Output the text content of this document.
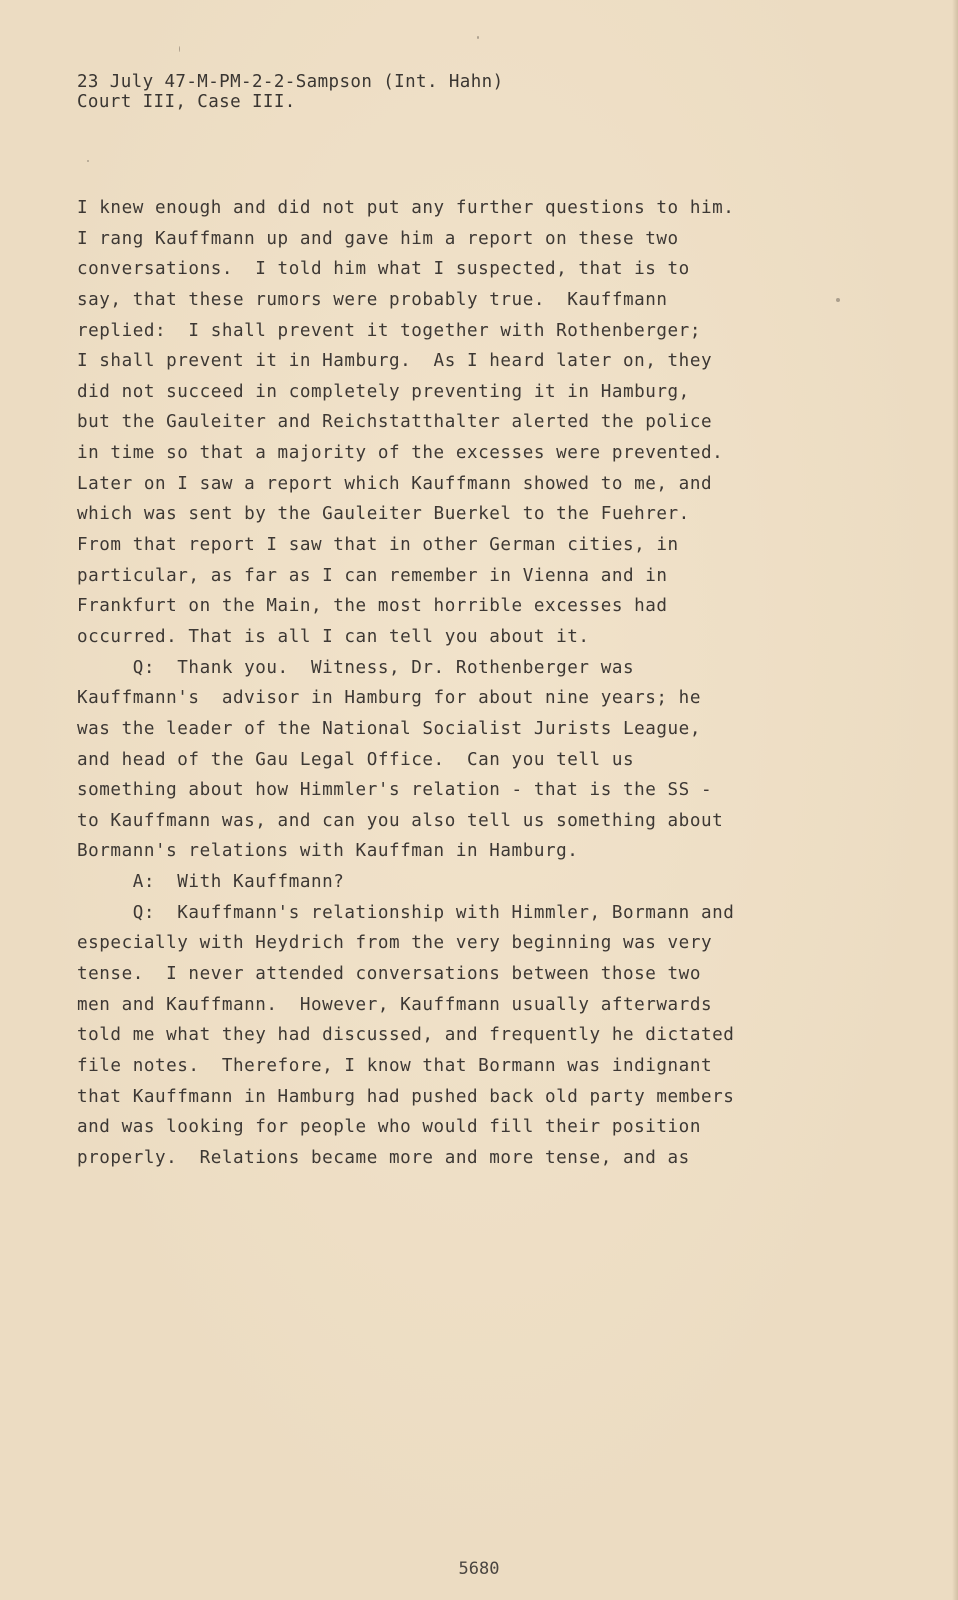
23 July 47-M-PM-2-2-Sampson (Int. Hahn)
Court III, Case III.
I knew enough and did not put any further questions to him.
I rang Kauffmann up and gave him a report on these two
conversations.  I told him what I suspected, that is to
say, that these rumors were probably true.  Kauffmann
replied:  I shall prevent it together with Rothenberger;
I shall prevent it in Hamburg.  As I heard later on, they
did not succeed in completely preventing it in Hamburg,
but the Gauleiter and Reichstatthalter alerted the police
in time so that a majority of the excesses were prevented.
Later on I saw a report which Kauffmann showed to me, and
which was sent by the Gauleiter Buerkel to the Fuehrer.
From that report I saw that in other German cities, in
particular, as far as I can remember in Vienna and in
Frankfurt on the Main, the most horrible excesses had
occurred. That is all I can tell you about it.
Q:  Thank you.  Witness, Dr. Rothenberger was
Kauffmann's  advisor in Hamburg for about nine years; he
was the leader of the National Socialist Jurists League,
and head of the Gau Legal Office.  Can you tell us
something about how Himmler's relation - that is the SS -
to Kauffmann was, and can you also tell us something about
Bormann's relations with Kauffman in Hamburg.
A:  With Kauffmann?
Q:  Kauffmann's relationship with Himmler, Bormann and
especially with Heydrich from the very beginning was very
tense.  I never attended conversations between those two
men and Kauffmann.  However, Kauffmann usually afterwards
told me what they had discussed, and frequently he dictated
file notes.  Therefore, I know that Bormann was indignant
that Kauffmann in Hamburg had pushed back old party members
and was looking for people who would fill their position
properly.  Relations became more and more tense, and as
5680
